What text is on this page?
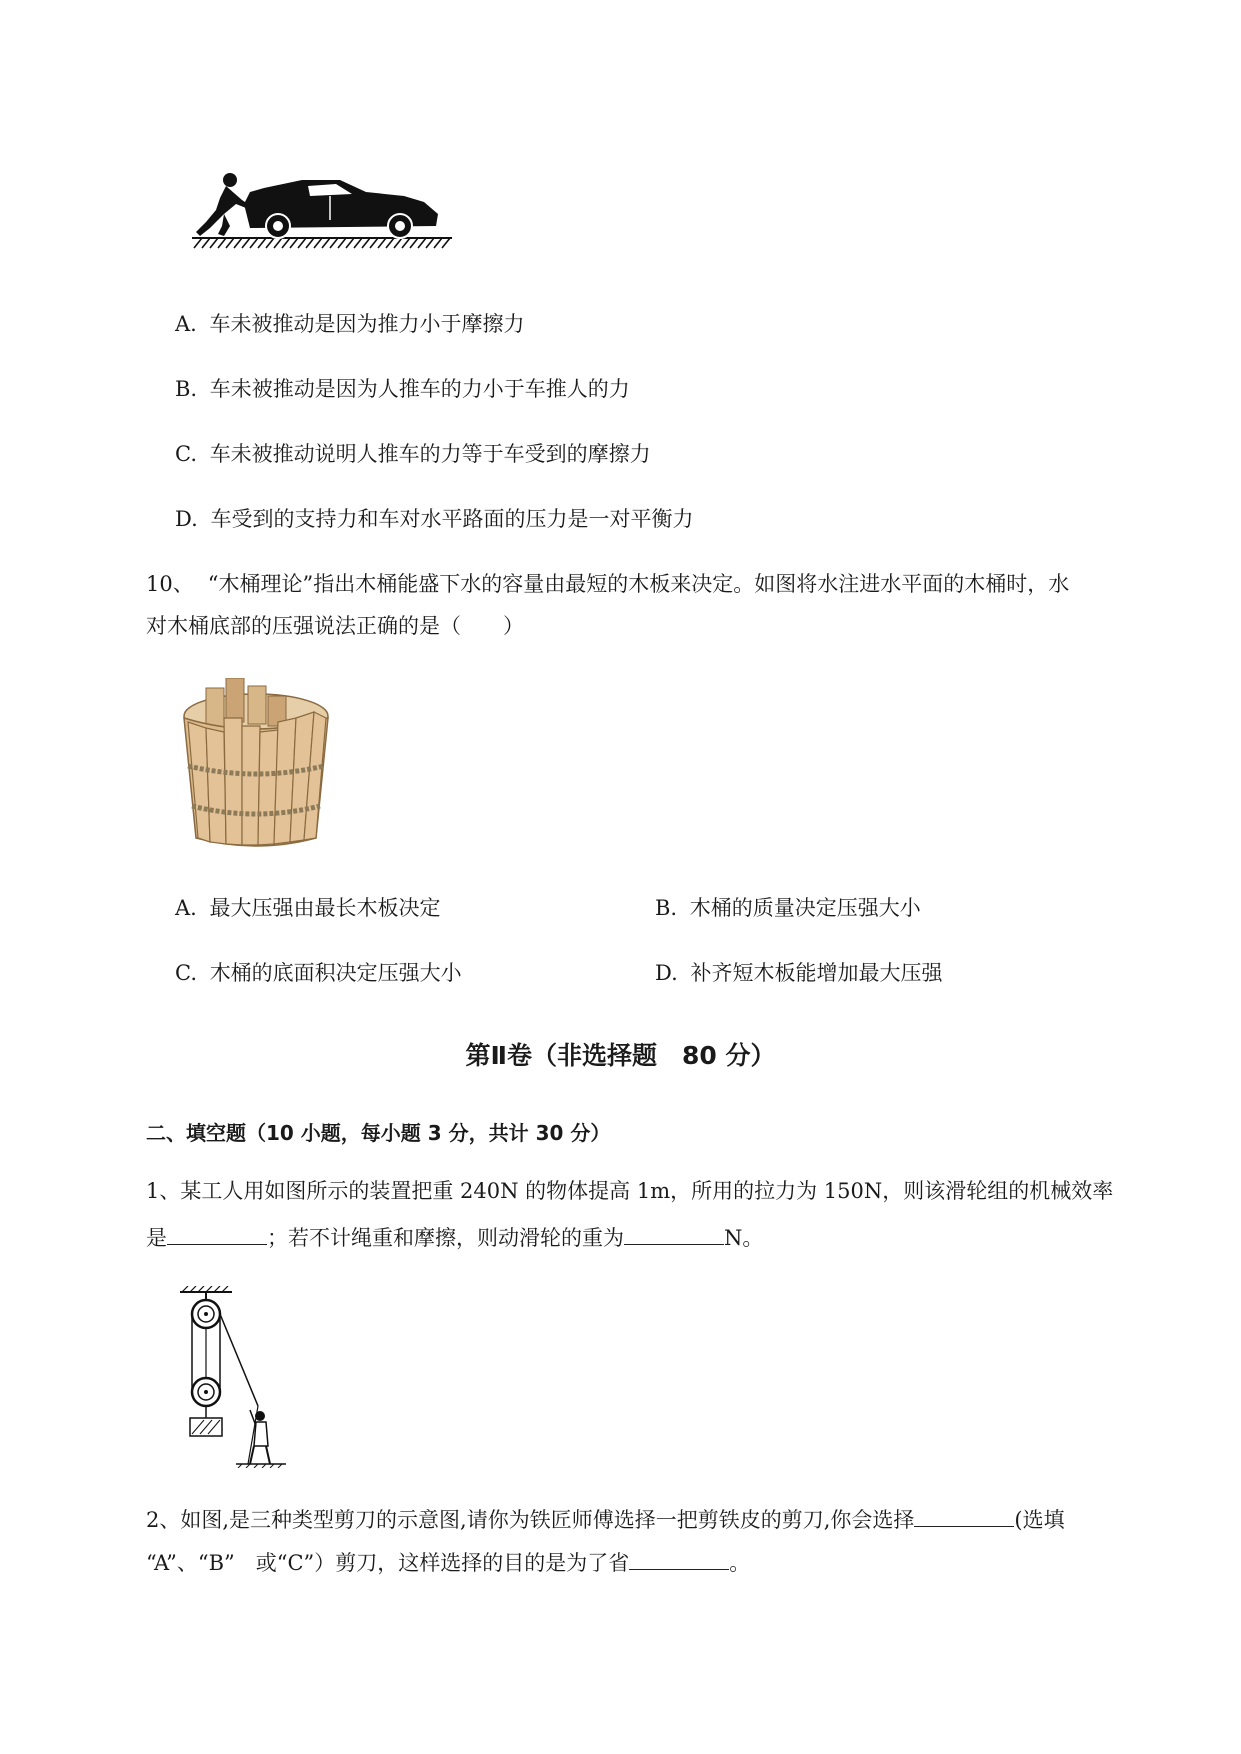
A. 车未被推动是因为推力小于摩擦力
B. 车未被推动是因为人推车的力小于车推人的力
C. 车未被推动说明人推车的力等于车受到的摩擦力
D. 车受到的支持力和车对水平路面的压力是一对平衡力
10、 “木桶理论”指出木桶能盛下水的容量由最短的木板来决定。如图将水注进水平面的木桶时，水
对木桶底部的压强说法正确的是（　　）
A. 最大压强由最长木板决定	B. 木桶的质量决定压强大小
C. 木桶的底面积决定压强大小	D. 补齐短木板能增加最大压强
第Ⅱ卷（非选择题　80 分）
二、填空题（10 小题，每小题 3 分，共计 30 分）
1、某工人用如图所示的装置把重 240N 的物体提高 1m，所用的拉力为 150N，则该滑轮组的机械效率
是	；若不计绳重和摩擦，则动滑轮的重为	N。
2、如图,是三种类型剪刀的示意图,请你为铁匠师傅选择一把剪铁皮的剪刀,你会选择	(选填
“A”、“B”　或“C”）剪刀，这样选择的目的是为了省	。
